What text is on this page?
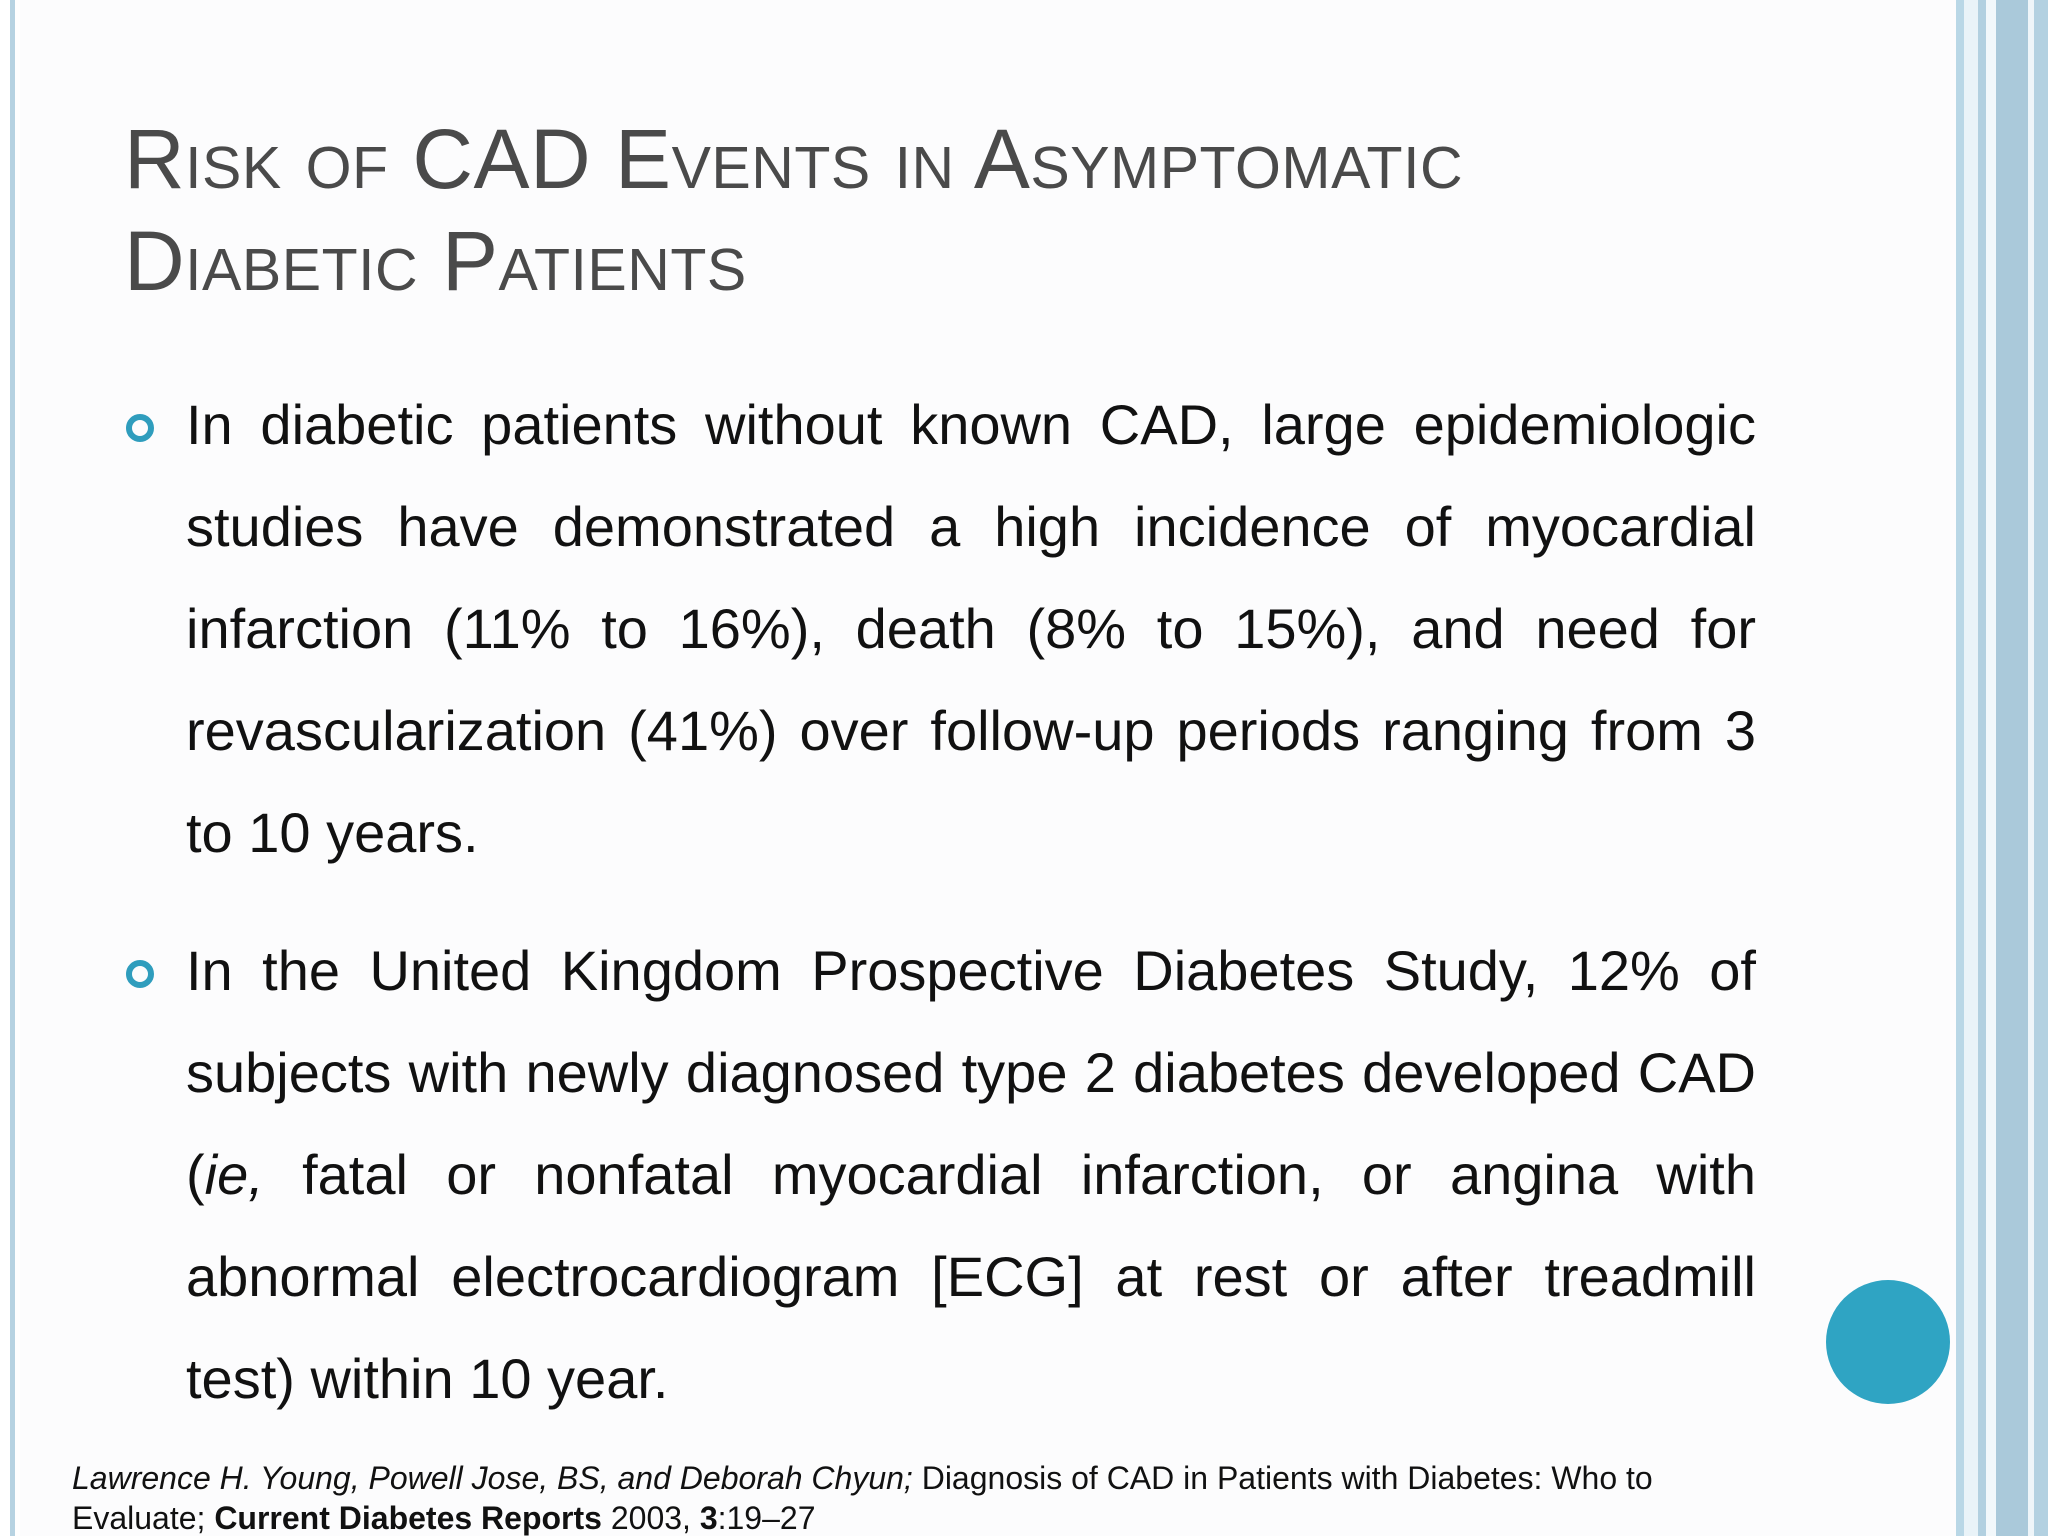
Risk of CAD Events in Asymptomatic Diabetic Patients
In diabetic patients without known CAD, large epidemiologic studies have demonstrated a high incidence of myocardial infarction (11% to 16%), death (8% to 15%), and need for revascularization (41%) over follow-up periods ranging from 3 to 10 years.
In the United Kingdom Prospective Diabetes Study, 12% of subjects with newly diagnosed type 2 diabetes developed CAD (ie, fatal or nonfatal myocardial infarction, or angina with abnormal electrocardiogram [ECG] at rest or after treadmill test) within 10 year.
Lawrence H. Young, Powell Jose, BS, and Deborah Chyun; Diagnosis of CAD in Patients with Diabetes: Who to Evaluate; Current Diabetes Reports 2003, 3:19–27
